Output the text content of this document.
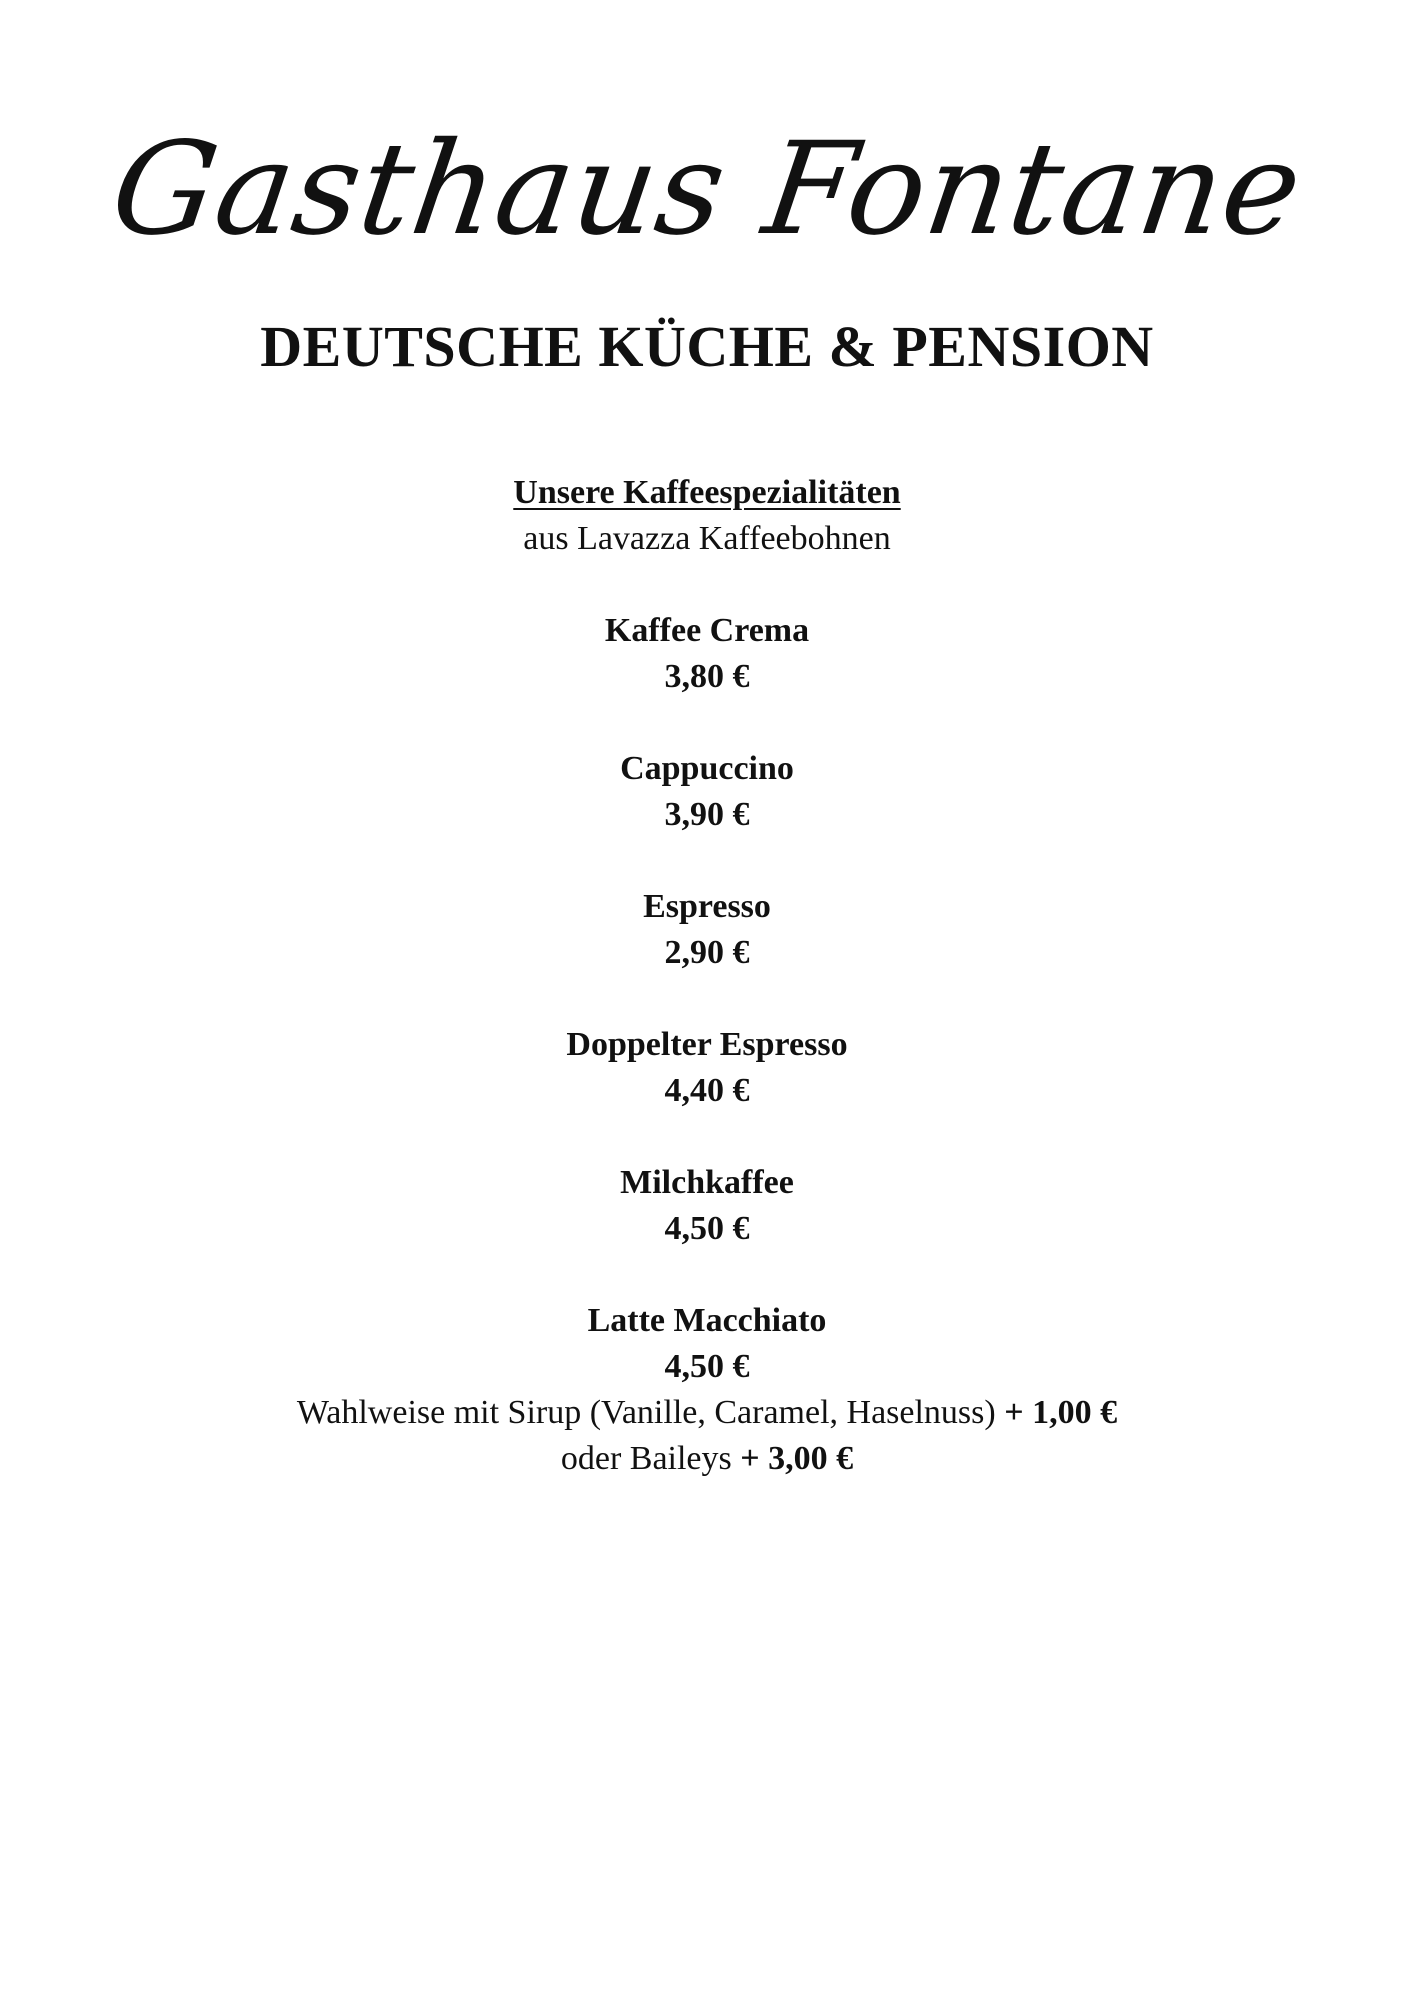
Gasthaus Fontane
DEUTSCHE KÜCHE & PENSION

Unsere Kaffeespezialitäten

aus Lavazza Kaffeebohnen

Kaffee Crema
3,80 €
Cappuccino
3,90 €
Espresso
2,90 €
Doppelter Espresso
4,40 €
Milchkaffee
4,50 €
Latte Macchiato
4,50 €
Wahlweise mit Sirup (Vanille, Caramel, Haselnuss) + 1,00 €
oder Baileys + 3,00 €
